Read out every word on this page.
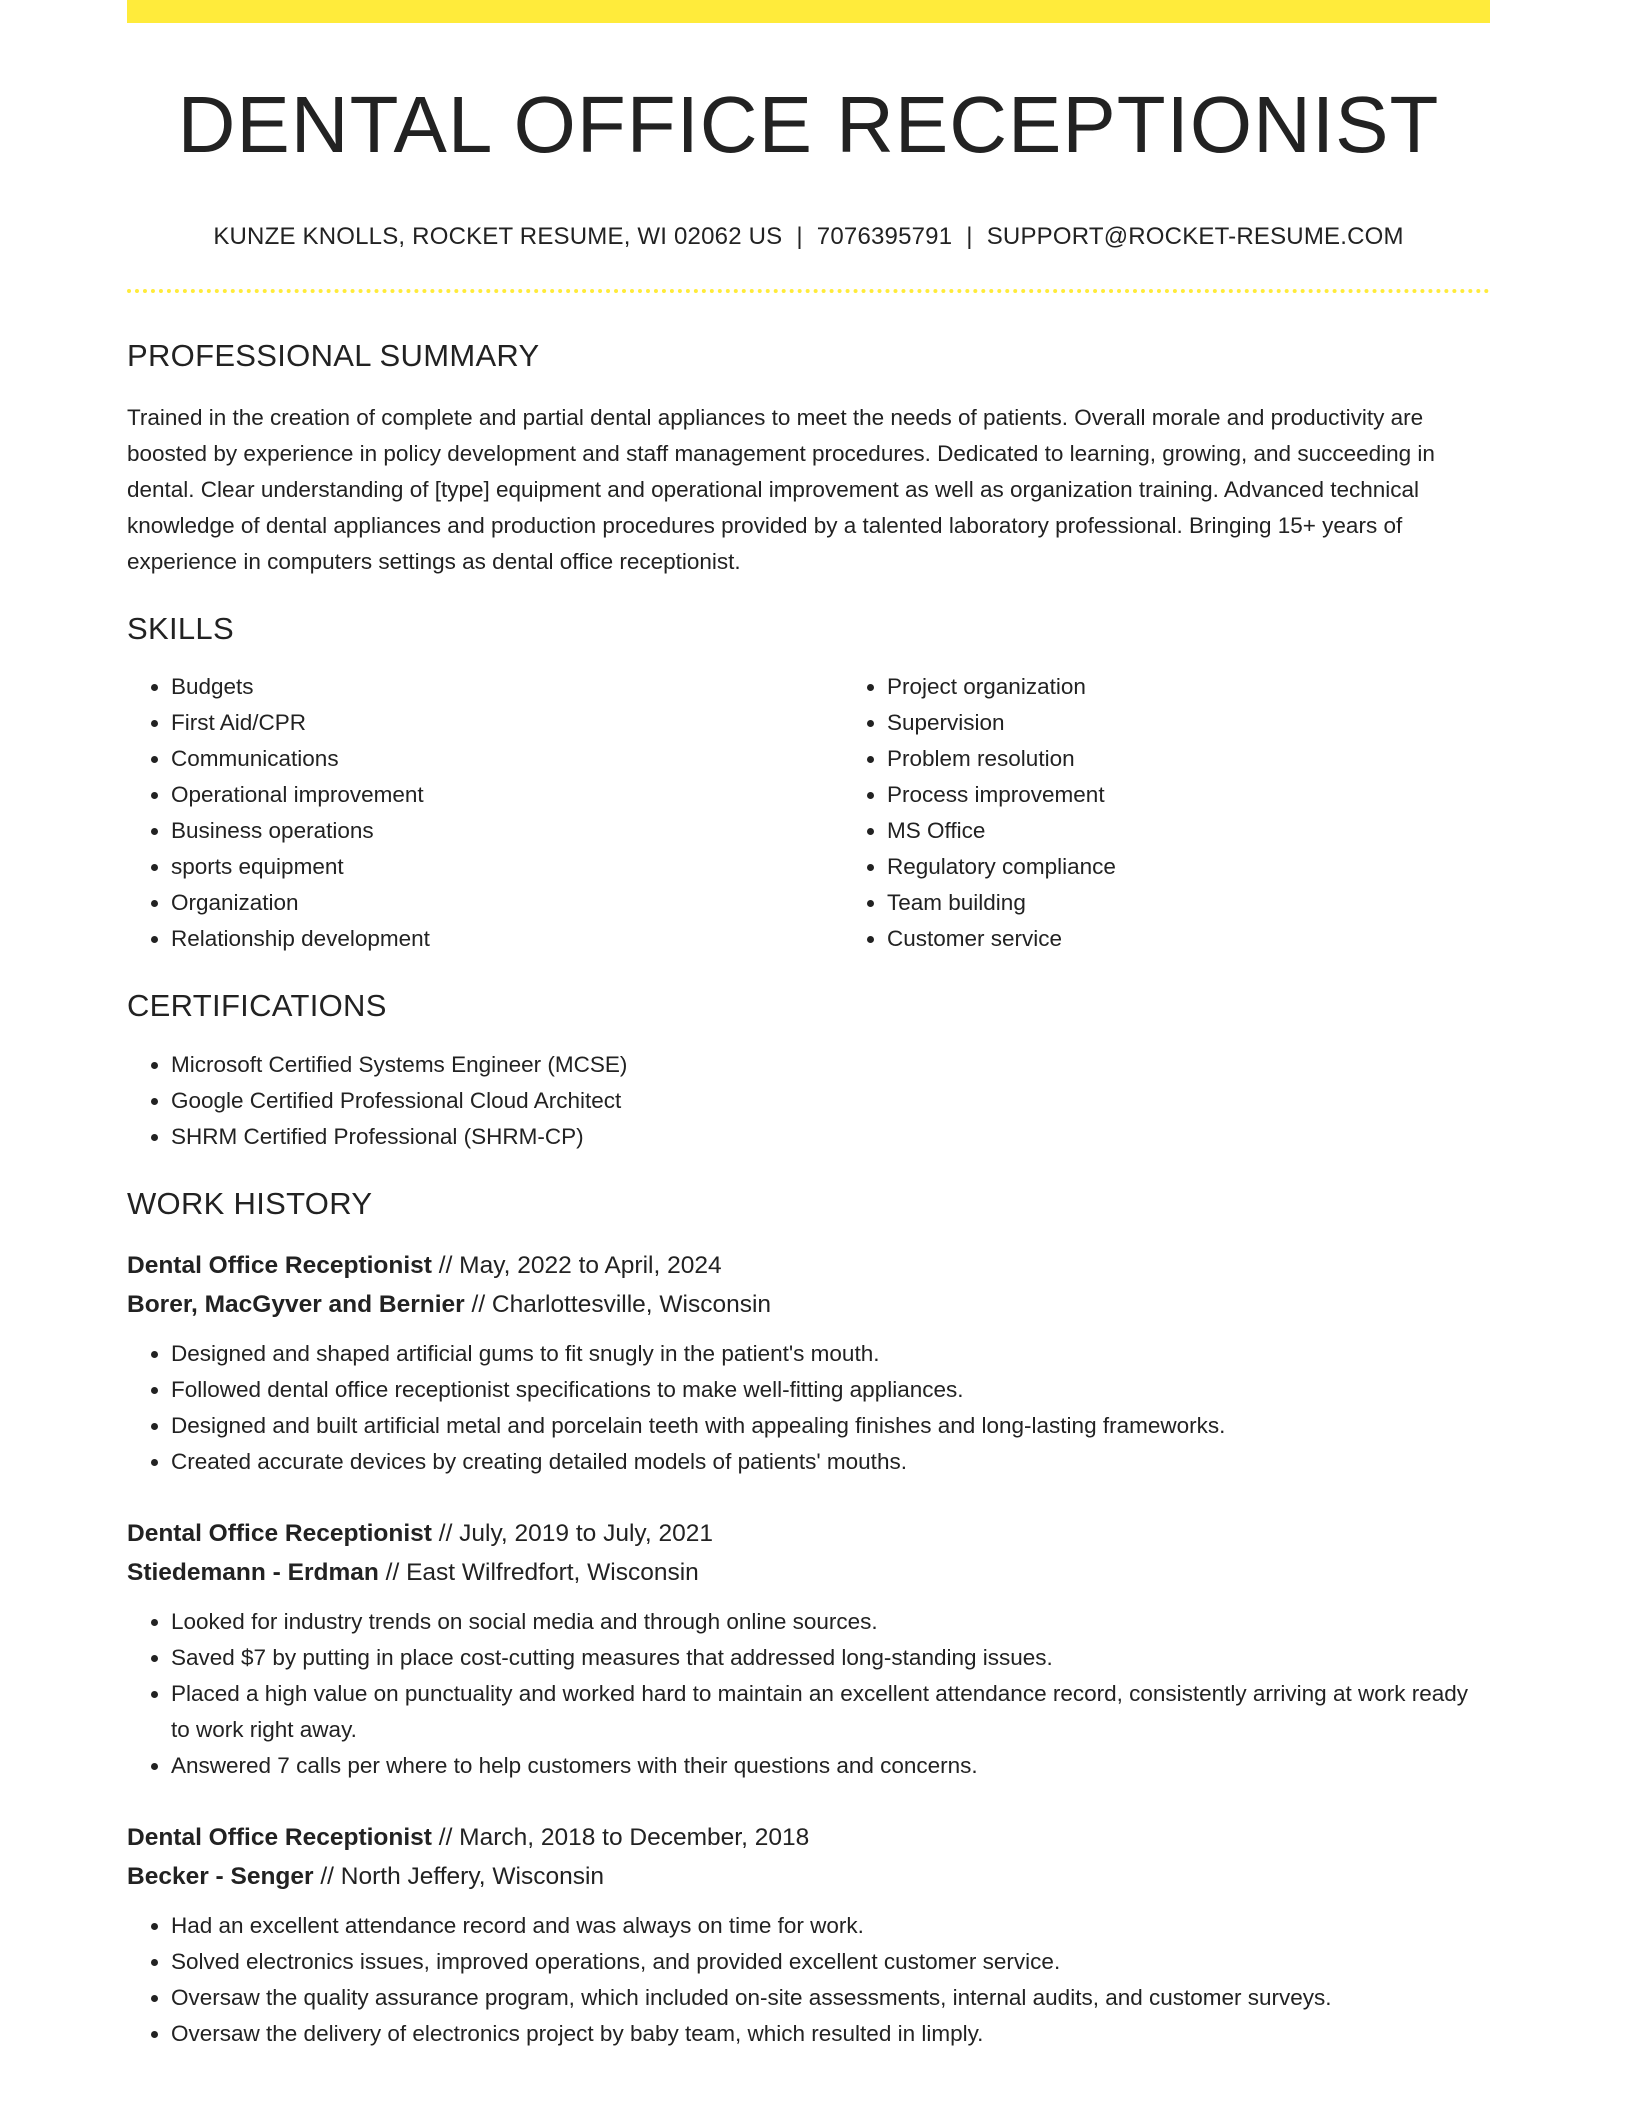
DENTAL OFFICE RECEPTIONIST
KUNZE KNOLLS, ROCKET RESUME, WI 02062 US | 7076395791 | SUPPORT@ROCKET-RESUME.COM
PROFESSIONAL SUMMARY
Trained in the creation of complete and partial dental appliances to meet the needs of patients. Overall morale and productivity are boosted by experience in policy development and staff management procedures. Dedicated to learning, growing, and succeeding in dental. Clear understanding of [type] equipment and operational improvement as well as organization training. Advanced technical knowledge of dental appliances and production procedures provided by a talented laboratory professional. Bringing 15+ years of experience in computers settings as dental office receptionist.
SKILLS
• Budgets
• First Aid/CPR
• Communications
• Operational improvement
• Business operations
• sports equipment
• Organization
• Relationship development
• Project organization
• Supervision
• Problem resolution
• Process improvement
• MS Office
• Regulatory compliance
• Team building
• Customer service
CERTIFICATIONS
• Microsoft Certified Systems Engineer (MCSE)
• Google Certified Professional Cloud Architect
• SHRM Certified Professional (SHRM-CP)
WORK HISTORY
Dental Office Receptionist // May, 2022 to April, 2024
Borer, MacGyver and Bernier // Charlottesville, Wisconsin
• Designed and shaped artificial gums to fit snugly in the patient's mouth.
• Followed dental office receptionist specifications to make well-fitting appliances.
• Designed and built artificial metal and porcelain teeth with appealing finishes and long-lasting frameworks.
• Created accurate devices by creating detailed models of patients' mouths.
Dental Office Receptionist // July, 2019 to July, 2021
Stiedemann - Erdman // East Wilfredfort, Wisconsin
• Looked for industry trends on social media and through online sources.
• Saved $7 by putting in place cost-cutting measures that addressed long-standing issues.
• Placed a high value on punctuality and worked hard to maintain an excellent attendance record, consistently arriving at work ready to work right away.
• Answered 7 calls per where to help customers with their questions and concerns.
Dental Office Receptionist // March, 2018 to December, 2018
Becker - Senger // North Jeffery, Wisconsin
• Had an excellent attendance record and was always on time for work.
• Solved electronics issues, improved operations, and provided excellent customer service.
• Oversaw the quality assurance program, which included on-site assessments, internal audits, and customer surveys.
• Oversaw the delivery of electronics project by baby team, which resulted in limply.
